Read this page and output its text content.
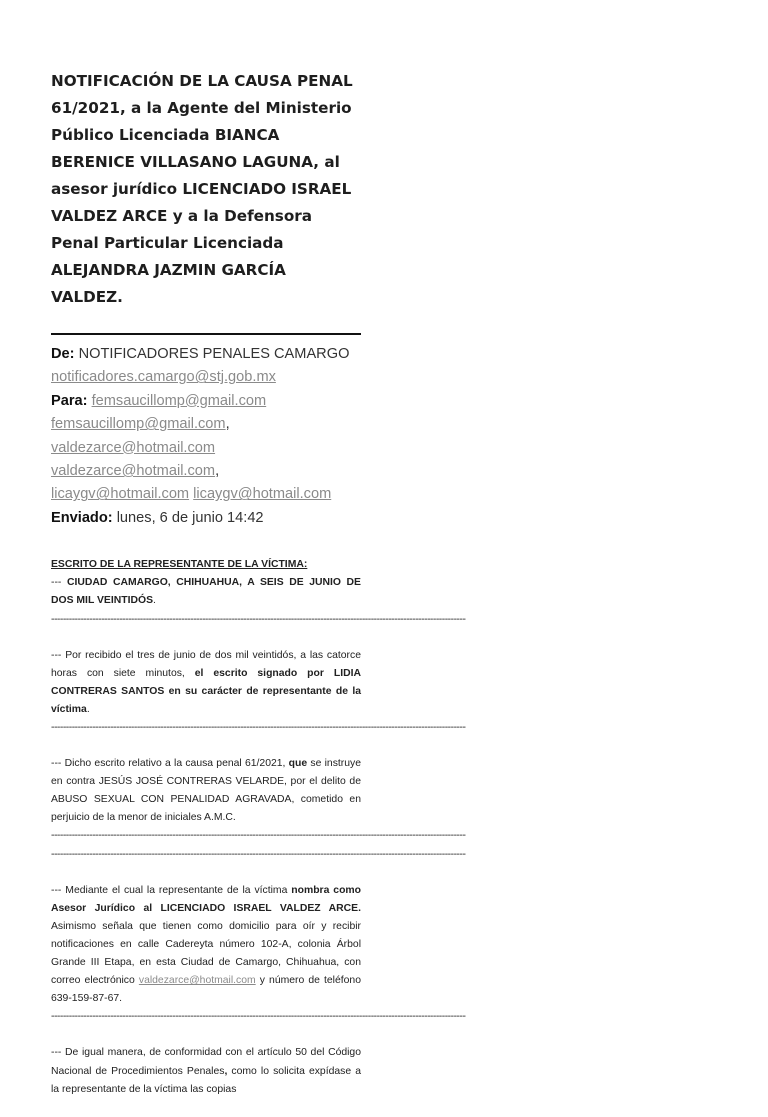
NOTIFICACIÓN DE LA CAUSA PENAL 61/2021, a la Agente del Ministerio Público Licenciada BIANCA BERENICE VILLASANO LAGUNA, al asesor jurídico LICENCIADO ISRAEL VALDEZ ARCE y a la Defensora Penal Particular Licenciada ALEJANDRA JAZMIN GARCÍA VALDEZ.
De: NOTIFICADORES PENALES CAMARGO
notificadores.camargo@stj.gob.mx
Para: femsaucillomp@gmail.com
femsaucillomp@gmail.com,
valdezarce@hotmail.com
valdezarce@hotmail.com,
licaygv@hotmail.com licaygv@hotmail.com
Enviado: lunes, 6 de junio 14:42

ESCRITO DE LA REPRESENTANTE DE LA VÍCTIMA:
--- CIUDAD CAMARGO, CHIHUAHUA, A SEIS DE JUNIO DE DOS MIL VEINTIDÓS.
--------------------------------------------------------------------------------------------------------------------------------------------

--- Por recibido el tres de junio de dos mil veintidós, a las catorce horas con siete minutos, el escrito signado por LIDIA CONTRERAS SANTOS en su carácter de representante de la víctima.
--------------------------------------------------------------------------------------------------------------------------------------------

--- Dicho escrito relativo a la causa penal 61/2021, que se instruye en contra JESÚS JOSÉ CONTRERAS VELARDE, por el delito de ABUSO SEXUAL CON PENALIDAD AGRAVADA, cometido en perjuicio de la menor de iniciales A.M.C.
--------------------------------------------------------------------------------------------------------------------------------------------
--------------------------------------------------------------------------------------------------------------------------------------------

--- Mediante el cual la representante de la víctima nombra como Asesor Jurídico al LICENCIADO ISRAEL VALDEZ ARCE. Asimismo señala que tienen como domicilio para oír y recibir notificaciones en calle Cadereyta número 102-A, colonia Árbol Grande III Etapa, en esta Ciudad de Camargo, Chihuahua, con correo electrónico valdezarce@hotmail.com y número de teléfono 639-159-87-67.
--------------------------------------------------------------------------------------------------------------------------------------------

--- De igual manera, de conformidad con el artículo 50 del Código Nacional de Procedimientos Penales, como lo solicita expídase a la representante de la víctima las copias
